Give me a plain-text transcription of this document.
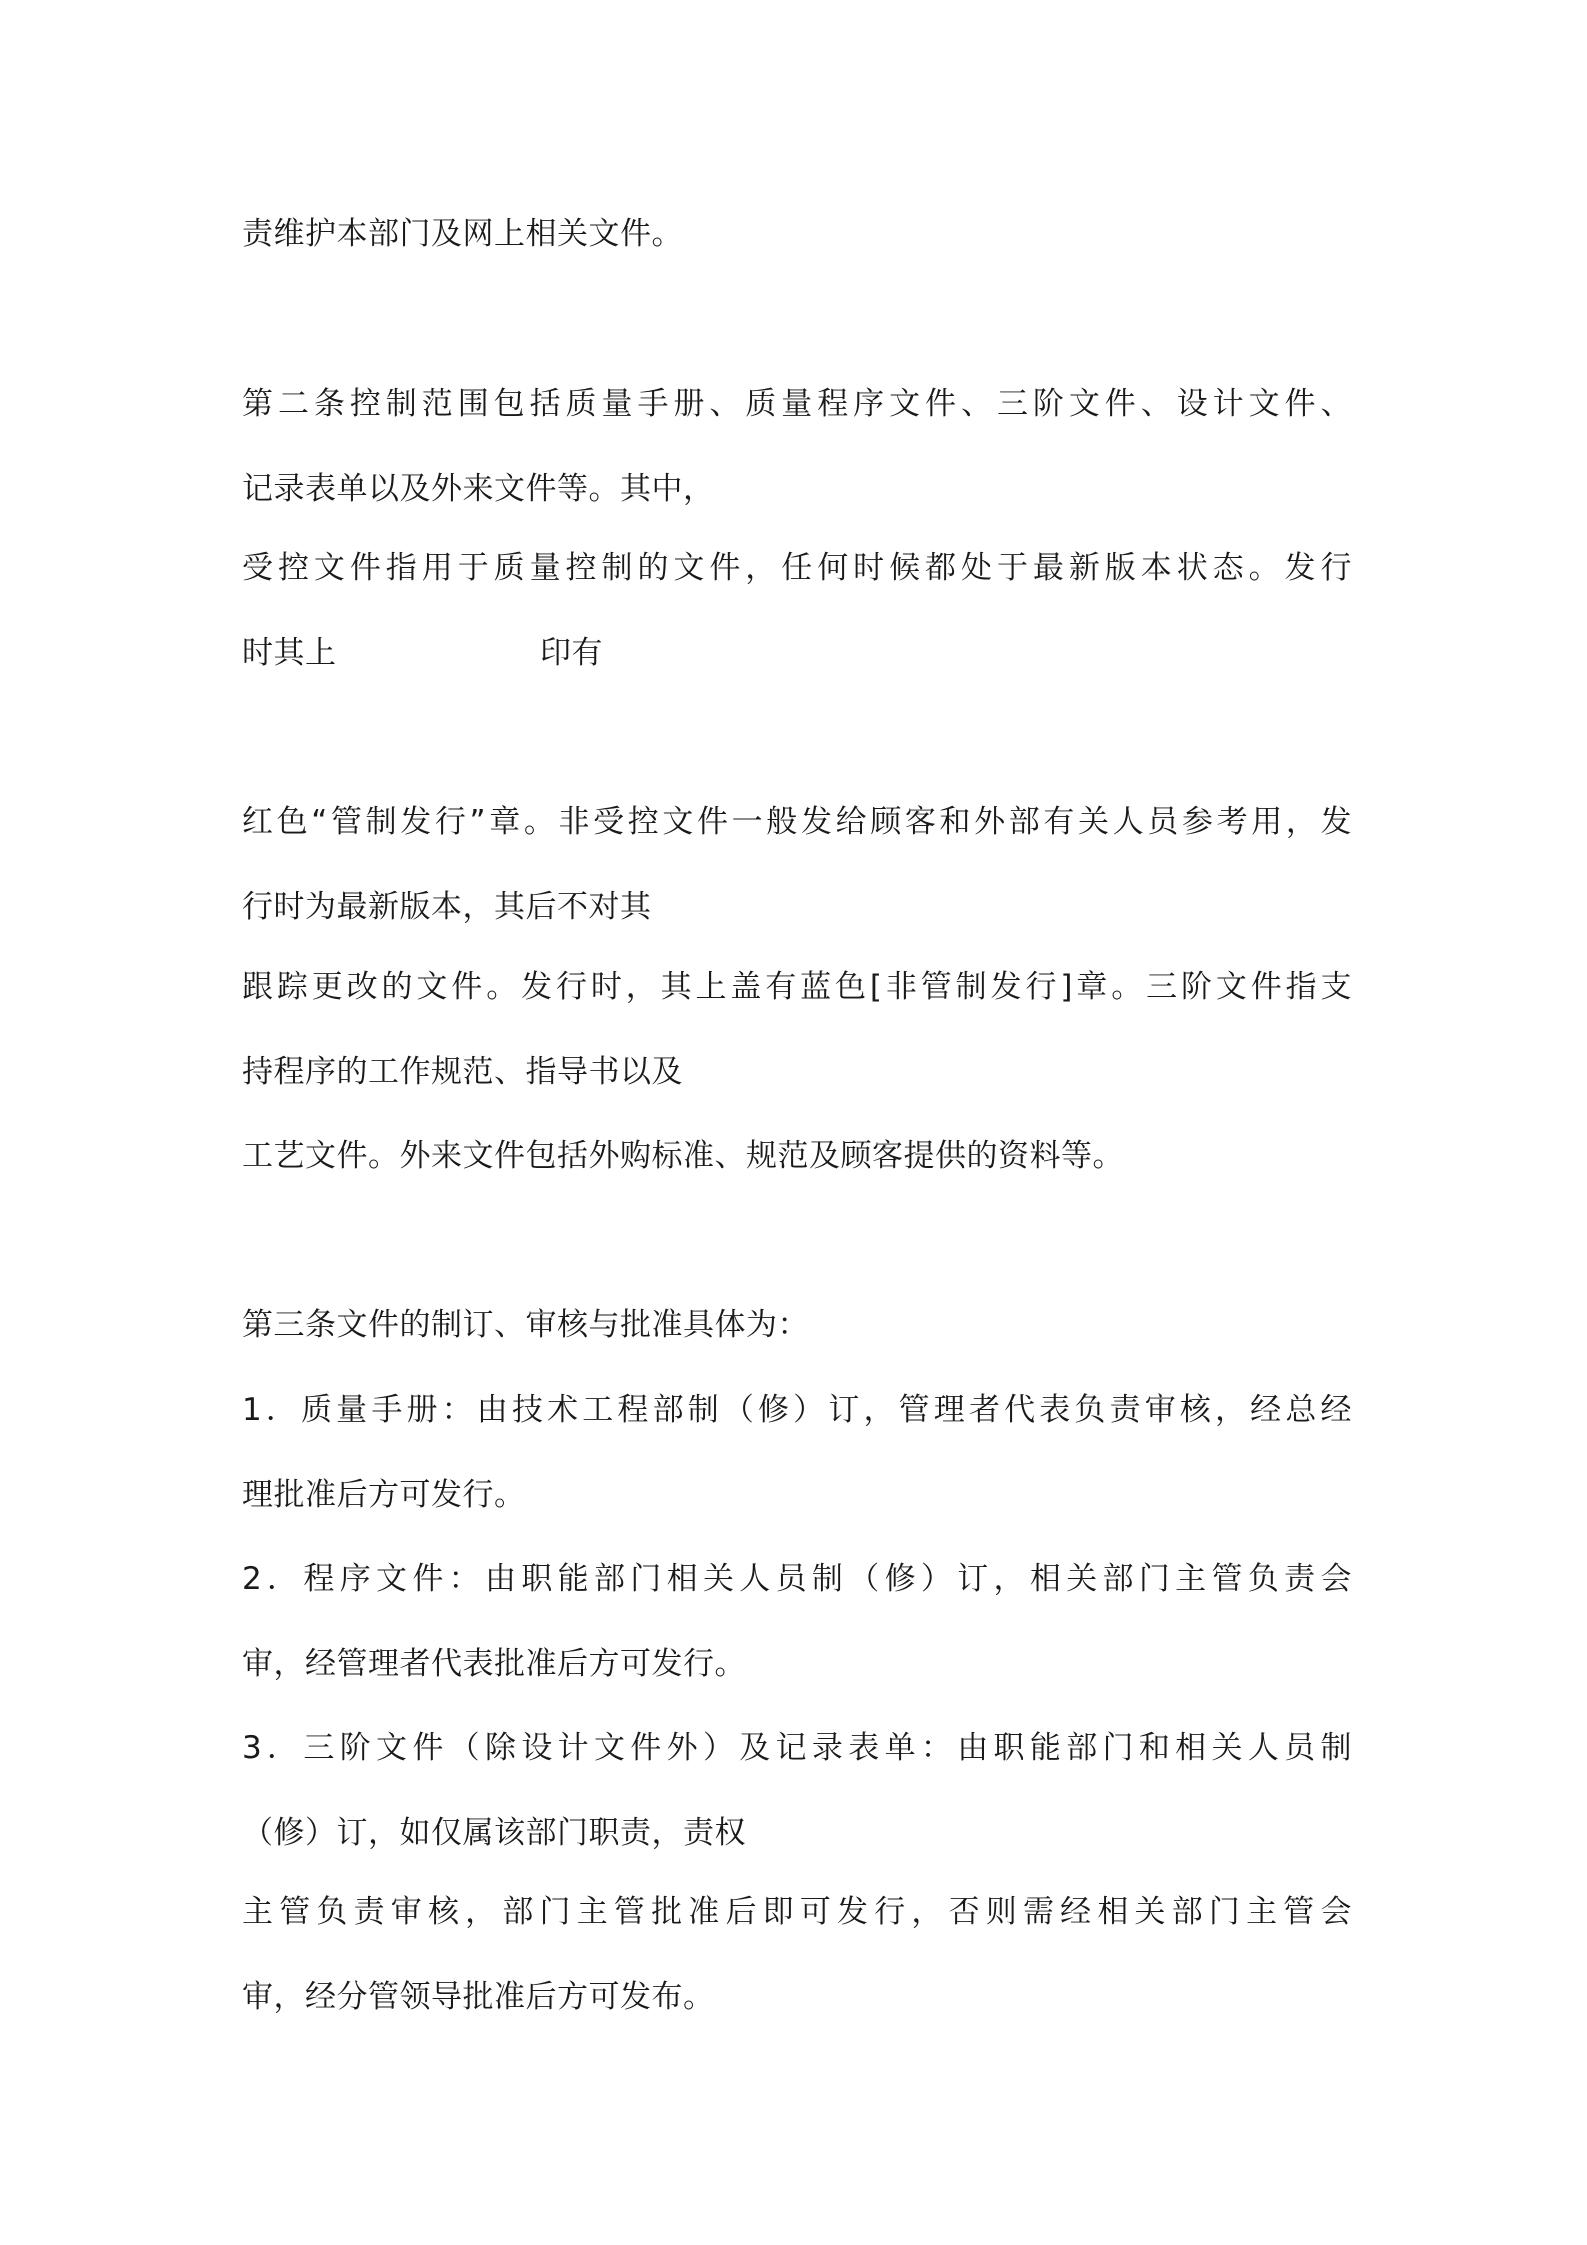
责维护本部门及网上相关文件。
第二条控制范围包括质量手册、质量程序文件、三阶文件、设计文件、
记录表单以及外来文件等。其中，
受控文件指用于质量控制的文件，任何时候都处于最新版本状态。发行
时其上	印有
红色“管制发行”章。非受控文件一般发给顾客和外部有关人员参考用，发
行时为最新版本，其后不对其
跟踪更改的文件。发行时，其上盖有蓝色[非管制发行]章。三阶文件指支
持程序的工作规范、指导书以及
工艺文件。外来文件包括外购标准、规范及顾客提供的资料等。
第三条文件的制订、审核与批准具体为：
1．质量手册：由技术工程部制（修）订，管理者代表负责审核，经总经
理批准后方可发行。
2．程序文件：由职能部门相关人员制（修）订，相关部门主管负责会
审，经管理者代表批准后方可发行。
3．三阶文件（除设计文件外）及记录表单：由职能部门和相关人员制
（修）订，如仅属该部门职责，责权
主管负责审核，部门主管批准后即可发行，否则需经相关部门主管会
审，经分管领导批准后方可发布。
